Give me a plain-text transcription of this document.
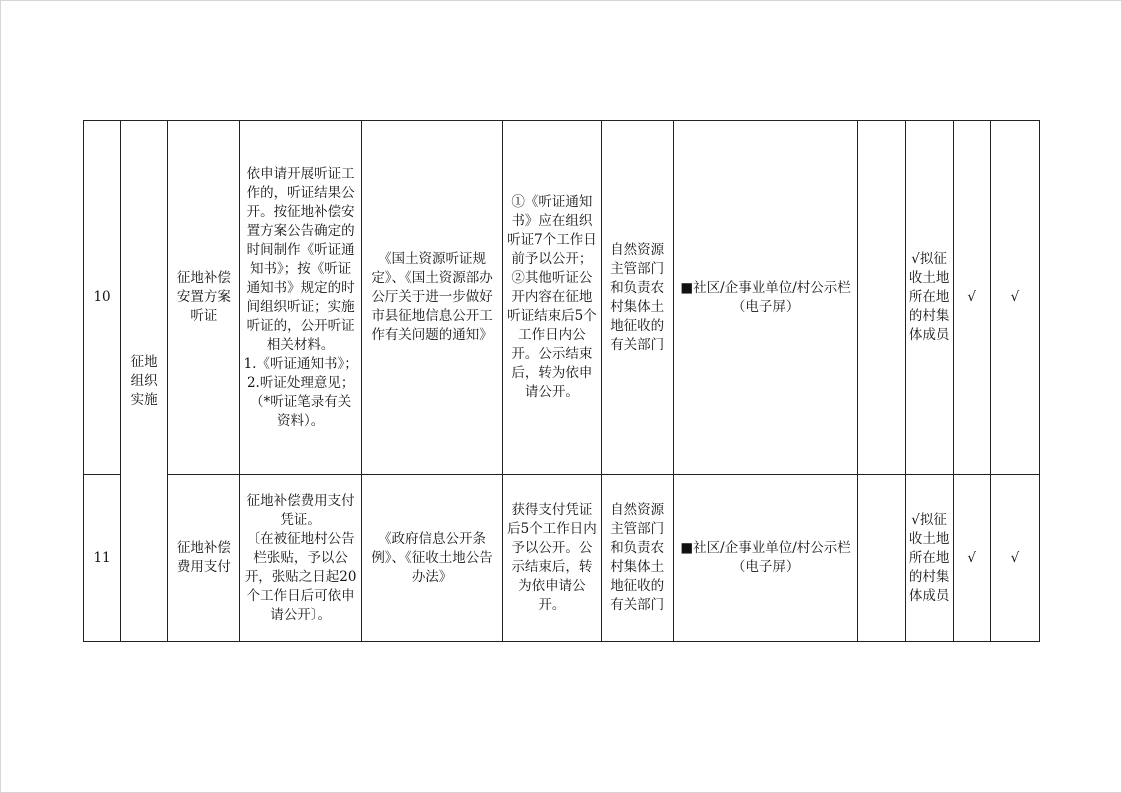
10	征地组织实施	征地补偿安置方案听证	依申请开展听证工作的，听证结果公开。按征地补偿安置方案公告确定的时间制作《听证通知书》；按《听证通知书》规定的时间组织听证；实施听证的，公开听证相关材料。
1.《听证通知书》；
2.听证处理意见；（*听证笔录有关资料）。	《国土资源听证规定》、《国土资源部办公厅关于进一步做好市县征地信息公开工作有关问题的通知》	①《听证通知书》应在组织听证7个工作日前予以公开；
②其他听证公开内容在征地听证结束后5个工作日内公开。公示结束后，转为依申请公开。	自然资源主管部门和负责农村集体土地征收的有关部门	■社区/企事业单位/村公示栏（电子屏）		√拟征收土地所在地的村集体成员	√	√
11		征地补偿费用支付	征地补偿费用支付凭证。
〔在被征地村公告栏张贴，予以公开，张贴之日起20个工作日后可依申请公开〕。	《政府信息公开条例》、《征收土地公告办法》	获得支付凭证后5个工作日内予以公开。公示结束后，转为依申请公开。	自然资源主管部门和负责农村集体土地征收的有关部门	■社区/企事业单位/村公示栏（电子屏）		√拟征收土地所在地的村集体成员	√	√
